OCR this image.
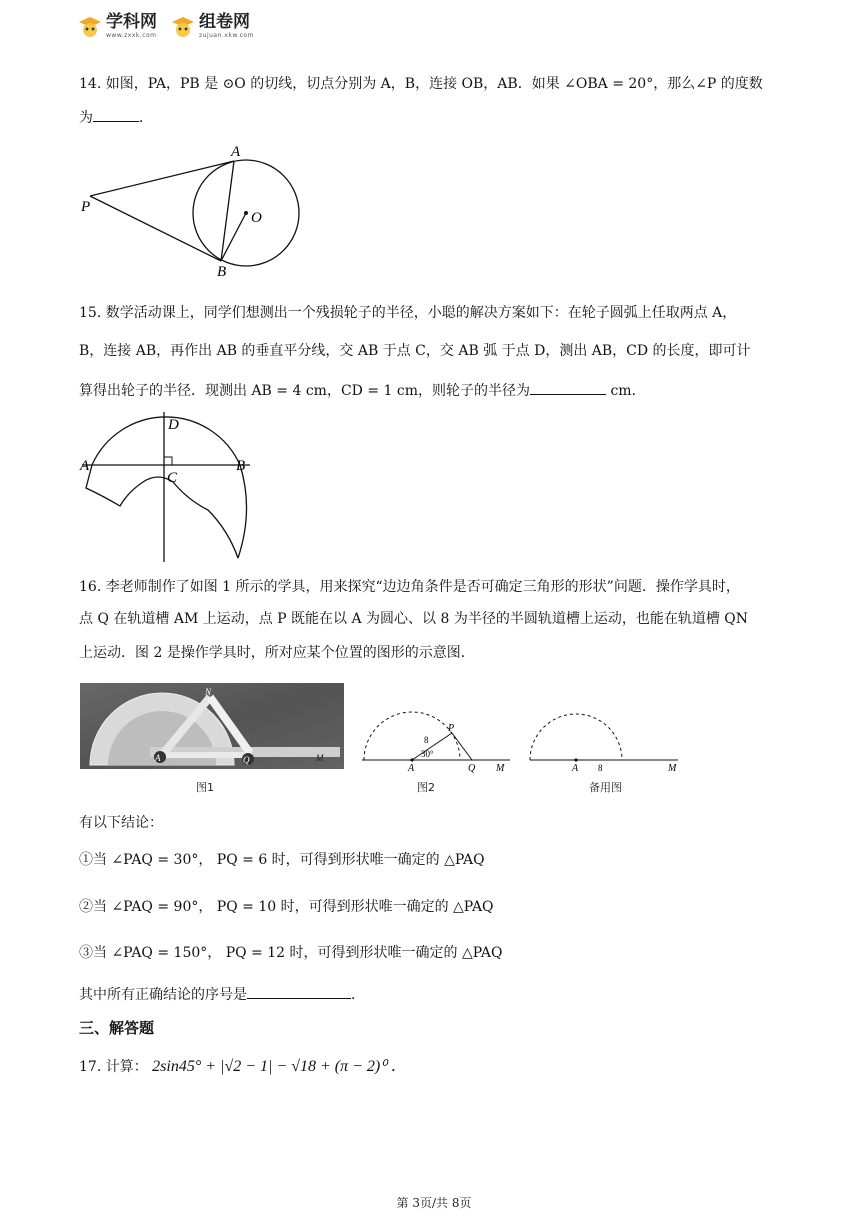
学科网
www.zxxk.com
组卷网
zujuan.xkw.com
14. 如图，PA，PB 是 ⊙O 的切线，切点分别为 A，B，连接 OB，AB．如果 ∠OBA = 20°，那么∠P 的度数
为	．
A
B
P
O
15. 数学活动课上，同学们想测出一个残损轮子的半径，小聪的解决方案如下：在轮子圆弧上任取两点 A，
B，连接 AB，再作出 AB 的垂直平分线，交 AB 于点 C，交 AB 弧 于点 D，测出 AB，CD 的长度，即可计
算得出轮子的半径．现测出 AB = 4 cm，CD = 1 cm，则轮子的半径为	cm．
D
A	B
C
16. 李老师制作了如图 1 所示的学具，用来探究“边边角条件是否可确定三角形的形状”问题．操作学具时，
点 Q 在轨道槽 AM 上运动，点 P 既能在以 A 为圆心、以 8 为半径的半圆轨道槽上运动，也能在轨道槽 QN
上运动．图 2 是操作学具时，所对应某个位置的图形的示意图．
A	Q
N
M
A
P
Q M
8
30°
A 8	M
图1	图2	备用图
有以下结论：
①当 ∠PAQ = 30°， PQ = 6 时，可得到形状唯一确定的 △PAQ
②当 ∠PAQ = 90°， PQ = 10 时，可得到形状唯一确定的 △PAQ
③当 ∠PAQ = 150°， PQ = 12 时，可得到形状唯一确定的 △PAQ
其中所有正确结论的序号是	．
三、解答题
17. 计算： 2sin45° + |√2 − 1| − √18 + (π − 2)⁰ ．
第 3页/共 8页
